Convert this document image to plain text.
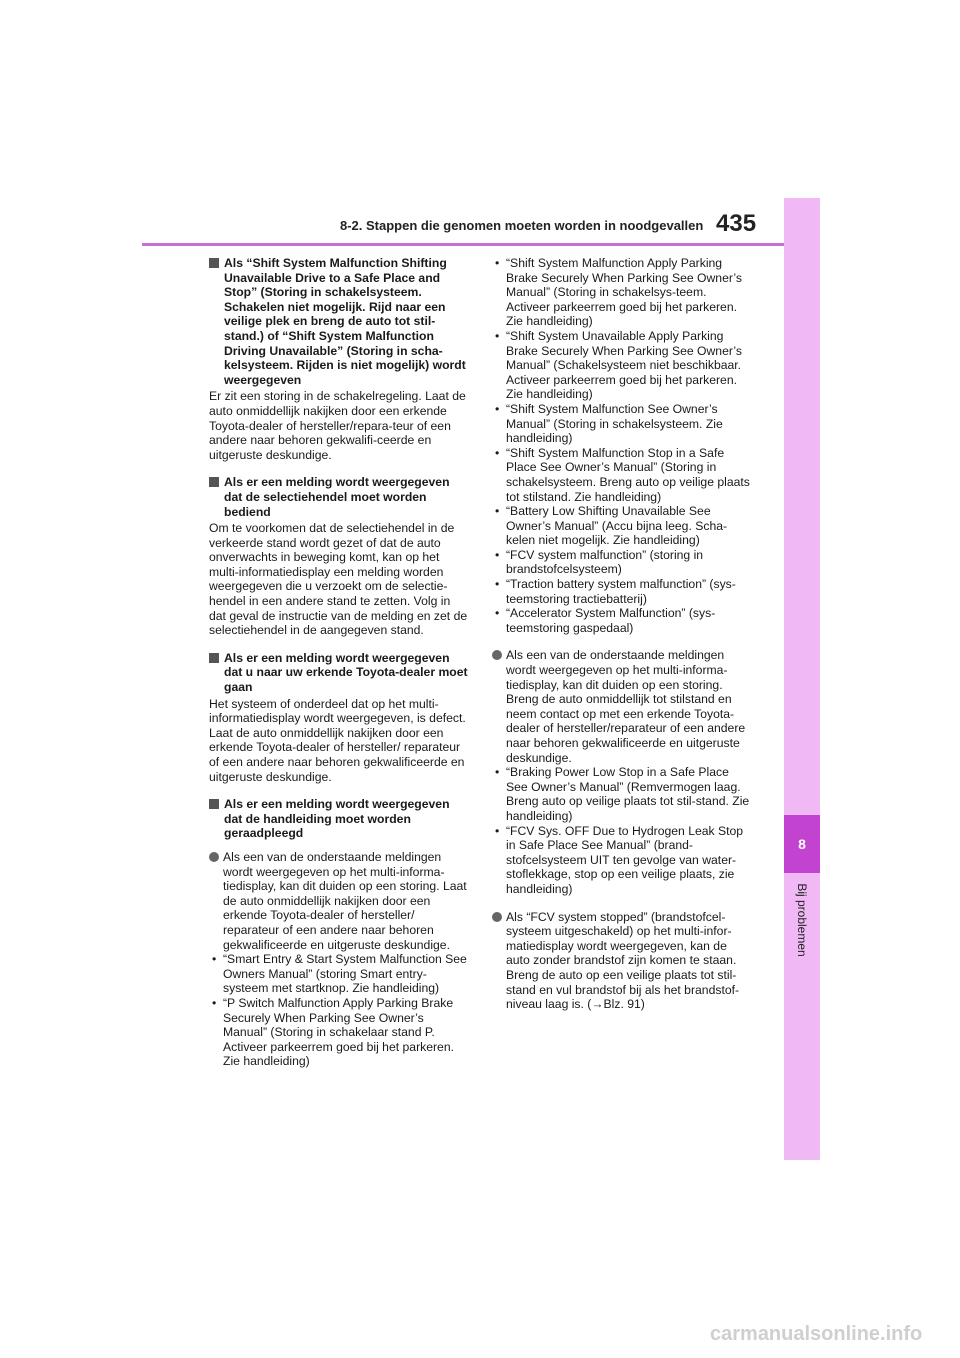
8
Bij problemen
8-2. Stappen die genomen moeten worden in noodgevallen 435
Als “Shift System Malfunction Shifting Unavailable Drive to a Safe Place and Stop” (Storing in schakelsysteem. Schakelen niet mogelijk. Rijd naar een veilige plek en breng de auto tot stil-stand.) of “Shift System Malfunction Driving Unavailable” (Storing in scha-kelsysteem. Rijden is niet mogelijk) wordt weergegeven

Er zit een storing in de schakelregeling. Laat de auto onmiddellijk nakijken door een erkende Toyota-dealer of hersteller/repara-teur of een andere naar behoren gekwalifi-ceerde en uitgeruste deskundige.

Als er een melding wordt weergegeven dat de selectiehendel moet worden bediend

Om te voorkomen dat de selectiehendel in de verkeerde stand wordt gezet of dat de auto onverwachts in beweging komt, kan op het multi-informatiedisplay een melding worden weergegeven die u verzoekt om de selectie-hendel in een andere stand te zetten. Volg in dat geval de instructie van de melding en zet de selectiehendel in de aangegeven stand.

Als er een melding wordt weergegeven dat u naar uw erkende Toyota-dealer moet gaan

Het systeem of onderdeel dat op het multi-informatiedisplay wordt weergegeven, is defect. Laat de auto onmiddellijk nakijken door een erkende Toyota-dealer of hersteller/ reparateur of een andere naar behoren gekwalificeerde en uitgeruste deskundige.

Als er een melding wordt weergegeven dat de handleiding moet worden geraadpleegd
Als een van de onderstaande meldingen wordt weergegeven op het multi-informa-tiedisplay, kan dit duiden op een storing. Laat de auto onmiddellijk nakijken door een erkende Toyota-dealer of hersteller/ reparateur of een andere naar behoren gekwalificeerde en uitgeruste deskundige.
• “Smart Entry & Start System Malfunction See Owners Manual” (storing Smart entry-systeem met startknop. Zie handleiding)
• “P Switch Malfunction Apply Parking Brake Securely When Parking See Owner’s Manual” (Storing in schakelaar stand P. Activeer parkeerrem goed bij het parkeren. Zie handleiding)
• “Shift System Malfunction Apply Parking Brake Securely When Parking See Owner’s Manual” (Storing in schakelsys-teem. Activeer parkeerrem goed bij het parkeren. Zie handleiding)
• “Shift System Unavailable Apply Parking Brake Securely When Parking See Owner’s Manual” (Schakelsysteem niet beschikbaar. Activeer parkeerrem goed bij het parkeren. Zie handleiding)
• “Shift System Malfunction See Owner’s Manual” (Storing in schakelsysteem. Zie handleiding)
• “Shift System Malfunction Stop in a Safe Place See Owner’s Manual” (Storing in schakelsysteem. Breng auto op veilige plaats tot stilstand. Zie handleiding)
• “Battery Low Shifting Unavailable See Owner’s Manual” (Accu bijna leeg. Scha-kelen niet mogelijk. Zie handleiding)
• “FCV system malfunction” (storing in brandstofcelsysteem)
• “Traction battery system malfunction” (sys-teemstoring tractiebatterij)
• “Accelerator System Malfunction” (sys-teemstoring gaspedaal)
Als een van de onderstaande meldingen wordt weergegeven op het multi-informa-tiedisplay, kan dit duiden op een storing. Breng de auto onmiddellijk tot stilstand en neem contact op met een erkende Toyota-dealer of hersteller/reparateur of een andere naar behoren gekwalificeerde en uitgeruste deskundige.
• “Braking Power Low Stop in a Safe Place See Owner’s Manual” (Remvermogen laag. Breng auto op veilige plaats tot stil-stand. Zie handleiding)
• “FCV Sys. OFF Due to Hydrogen Leak Stop in Safe Place See Manual” (brand-stofcelsysteem UIT ten gevolge van water-stoflekkage, stop op een veilige plaats, zie handleiding)
Als “FCV system stopped” (brandstofcel-systeem uitgeschakeld) op het multi-infor-matiedisplay wordt weergegeven, kan de auto zonder brandstof zijn komen te staan. Breng de auto op een veilige plaats tot stil-stand en vul brandstof bij als het brandstof-niveau laag is. (→Blz. 91)
carmanualsonline.info
